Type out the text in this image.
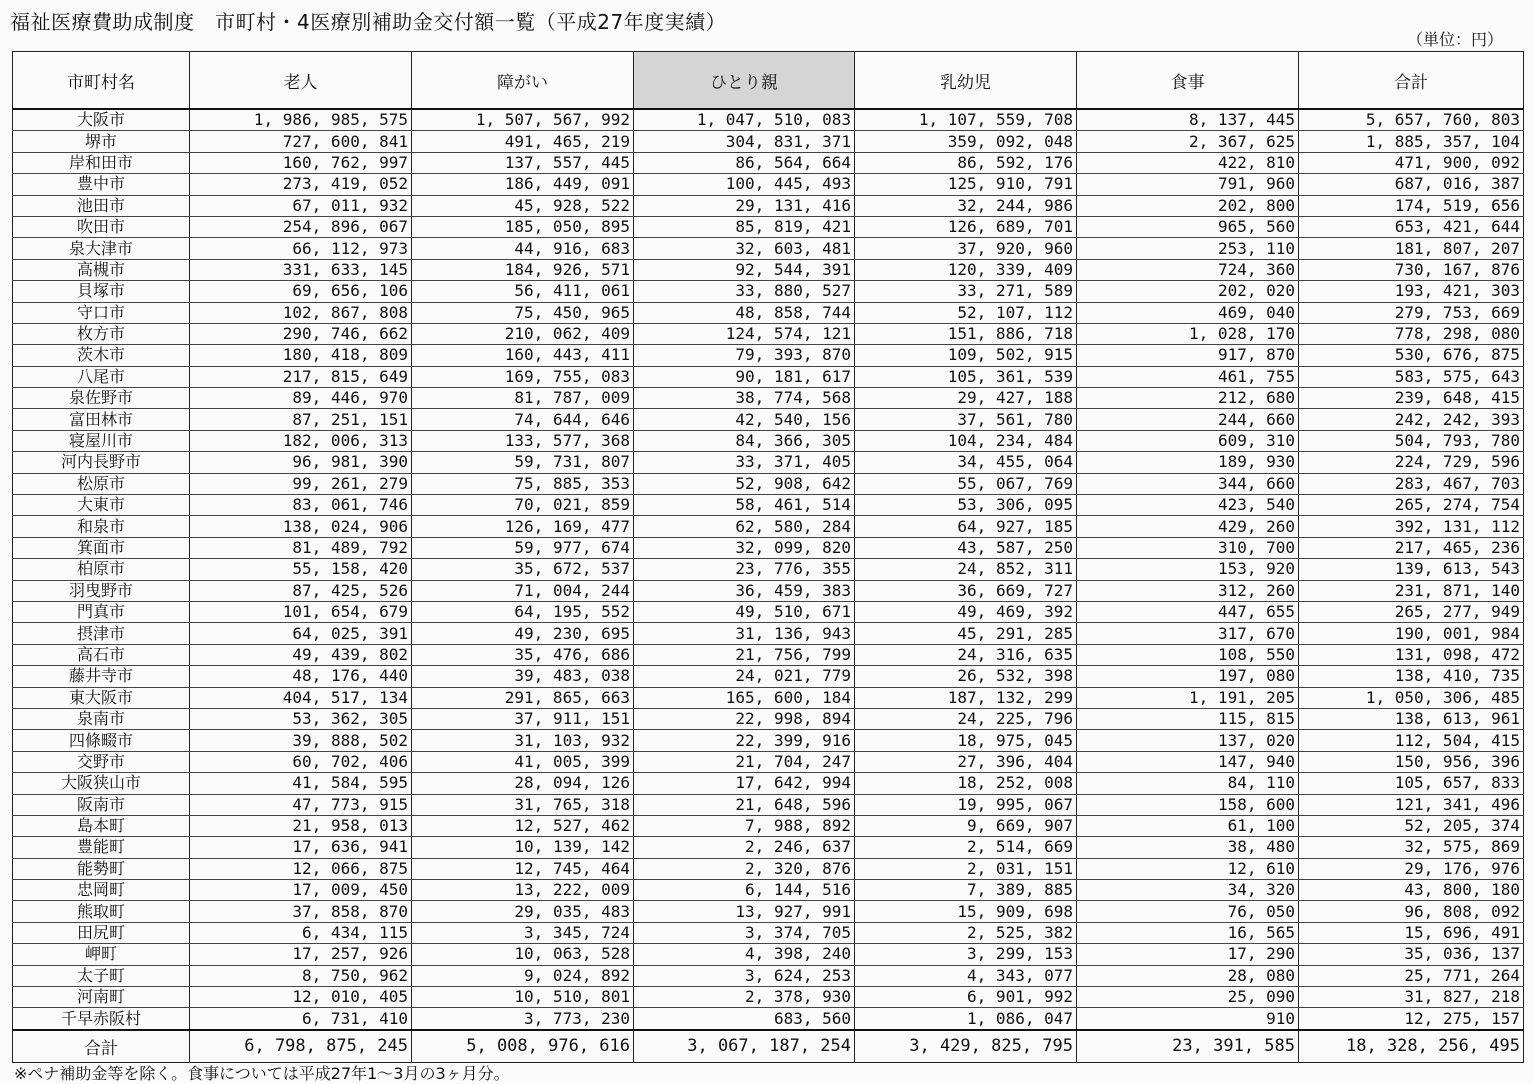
福祉医療費助成制度　市町村・4医療別補助金交付額一覧（平成27年度実績）
（単位：円）
市町村名	老人	障がい	ひとり親	乳幼児	食事	合計
大阪市	1, 986, 985, 575	1, 507, 567, 992	1, 047, 510, 083	1, 107, 559, 708	8, 137, 445	5, 657, 760, 803
堺市	727, 600, 841	491, 465, 219	304, 831, 371	359, 092, 048	2, 367, 625	1, 885, 357, 104
岸和田市	160, 762, 997	137, 557, 445	86, 564, 664	86, 592, 176	422, 810	471, 900, 092
豊中市	273, 419, 052	186, 449, 091	100, 445, 493	125, 910, 791	791, 960	687, 016, 387
池田市	67, 011, 932	45, 928, 522	29, 131, 416	32, 244, 986	202, 800	174, 519, 656
吹田市	254, 896, 067	185, 050, 895	85, 819, 421	126, 689, 701	965, 560	653, 421, 644
泉大津市	66, 112, 973	44, 916, 683	32, 603, 481	37, 920, 960	253, 110	181, 807, 207
高槻市	331, 633, 145	184, 926, 571	92, 544, 391	120, 339, 409	724, 360	730, 167, 876
貝塚市	69, 656, 106	56, 411, 061	33, 880, 527	33, 271, 589	202, 020	193, 421, 303
守口市	102, 867, 808	75, 450, 965	48, 858, 744	52, 107, 112	469, 040	279, 753, 669
枚方市	290, 746, 662	210, 062, 409	124, 574, 121	151, 886, 718	1, 028, 170	778, 298, 080
茨木市	180, 418, 809	160, 443, 411	79, 393, 870	109, 502, 915	917, 870	530, 676, 875
八尾市	217, 815, 649	169, 755, 083	90, 181, 617	105, 361, 539	461, 755	583, 575, 643
泉佐野市	89, 446, 970	81, 787, 009	38, 774, 568	29, 427, 188	212, 680	239, 648, 415
富田林市	87, 251, 151	74, 644, 646	42, 540, 156	37, 561, 780	244, 660	242, 242, 393
寝屋川市	182, 006, 313	133, 577, 368	84, 366, 305	104, 234, 484	609, 310	504, 793, 780
河内長野市	96, 981, 390	59, 731, 807	33, 371, 405	34, 455, 064	189, 930	224, 729, 596
松原市	99, 261, 279	75, 885, 353	52, 908, 642	55, 067, 769	344, 660	283, 467, 703
大東市	83, 061, 746	70, 021, 859	58, 461, 514	53, 306, 095	423, 540	265, 274, 754
和泉市	138, 024, 906	126, 169, 477	62, 580, 284	64, 927, 185	429, 260	392, 131, 112
箕面市	81, 489, 792	59, 977, 674	32, 099, 820	43, 587, 250	310, 700	217, 465, 236
柏原市	55, 158, 420	35, 672, 537	23, 776, 355	24, 852, 311	153, 920	139, 613, 543
羽曳野市	87, 425, 526	71, 004, 244	36, 459, 383	36, 669, 727	312, 260	231, 871, 140
門真市	101, 654, 679	64, 195, 552	49, 510, 671	49, 469, 392	447, 655	265, 277, 949
摂津市	64, 025, 391	49, 230, 695	31, 136, 943	45, 291, 285	317, 670	190, 001, 984
高石市	49, 439, 802	35, 476, 686	21, 756, 799	24, 316, 635	108, 550	131, 098, 472
藤井寺市	48, 176, 440	39, 483, 038	24, 021, 779	26, 532, 398	197, 080	138, 410, 735
東大阪市	404, 517, 134	291, 865, 663	165, 600, 184	187, 132, 299	1, 191, 205	1, 050, 306, 485
泉南市	53, 362, 305	37, 911, 151	22, 998, 894	24, 225, 796	115, 815	138, 613, 961
四條畷市	39, 888, 502	31, 103, 932	22, 399, 916	18, 975, 045	137, 020	112, 504, 415
交野市	60, 702, 406	41, 005, 399	21, 704, 247	27, 396, 404	147, 940	150, 956, 396
大阪狭山市	41, 584, 595	28, 094, 126	17, 642, 994	18, 252, 008	84, 110	105, 657, 833
阪南市	47, 773, 915	31, 765, 318	21, 648, 596	19, 995, 067	158, 600	121, 341, 496
島本町	21, 958, 013	12, 527, 462	7, 988, 892	9, 669, 907	61, 100	52, 205, 374
豊能町	17, 636, 941	10, 139, 142	2, 246, 637	2, 514, 669	38, 480	32, 575, 869
能勢町	12, 066, 875	12, 745, 464	2, 320, 876	2, 031, 151	12, 610	29, 176, 976
忠岡町	17, 009, 450	13, 222, 009	6, 144, 516	7, 389, 885	34, 320	43, 800, 180
熊取町	37, 858, 870	29, 035, 483	13, 927, 991	15, 909, 698	76, 050	96, 808, 092
田尻町	6, 434, 115	3, 345, 724	3, 374, 705	2, 525, 382	16, 565	15, 696, 491
岬町	17, 257, 926	10, 063, 528	4, 398, 240	3, 299, 153	17, 290	35, 036, 137
太子町	8, 750, 962	9, 024, 892	3, 624, 253	4, 343, 077	28, 080	25, 771, 264
河南町	12, 010, 405	10, 510, 801	2, 378, 930	6, 901, 992	25, 090	31, 827, 218
千早赤阪村	6, 731, 410	3, 773, 230	683, 560	1, 086, 047	910	12, 275, 157
合計	6, 798, 875, 245	5, 008, 976, 616	3, 067, 187, 254	3, 429, 825, 795	23, 391, 585	18, 328, 256, 495
※ペナ補助金等を除く。食事については平成27年1～3月の3ヶ月分。
